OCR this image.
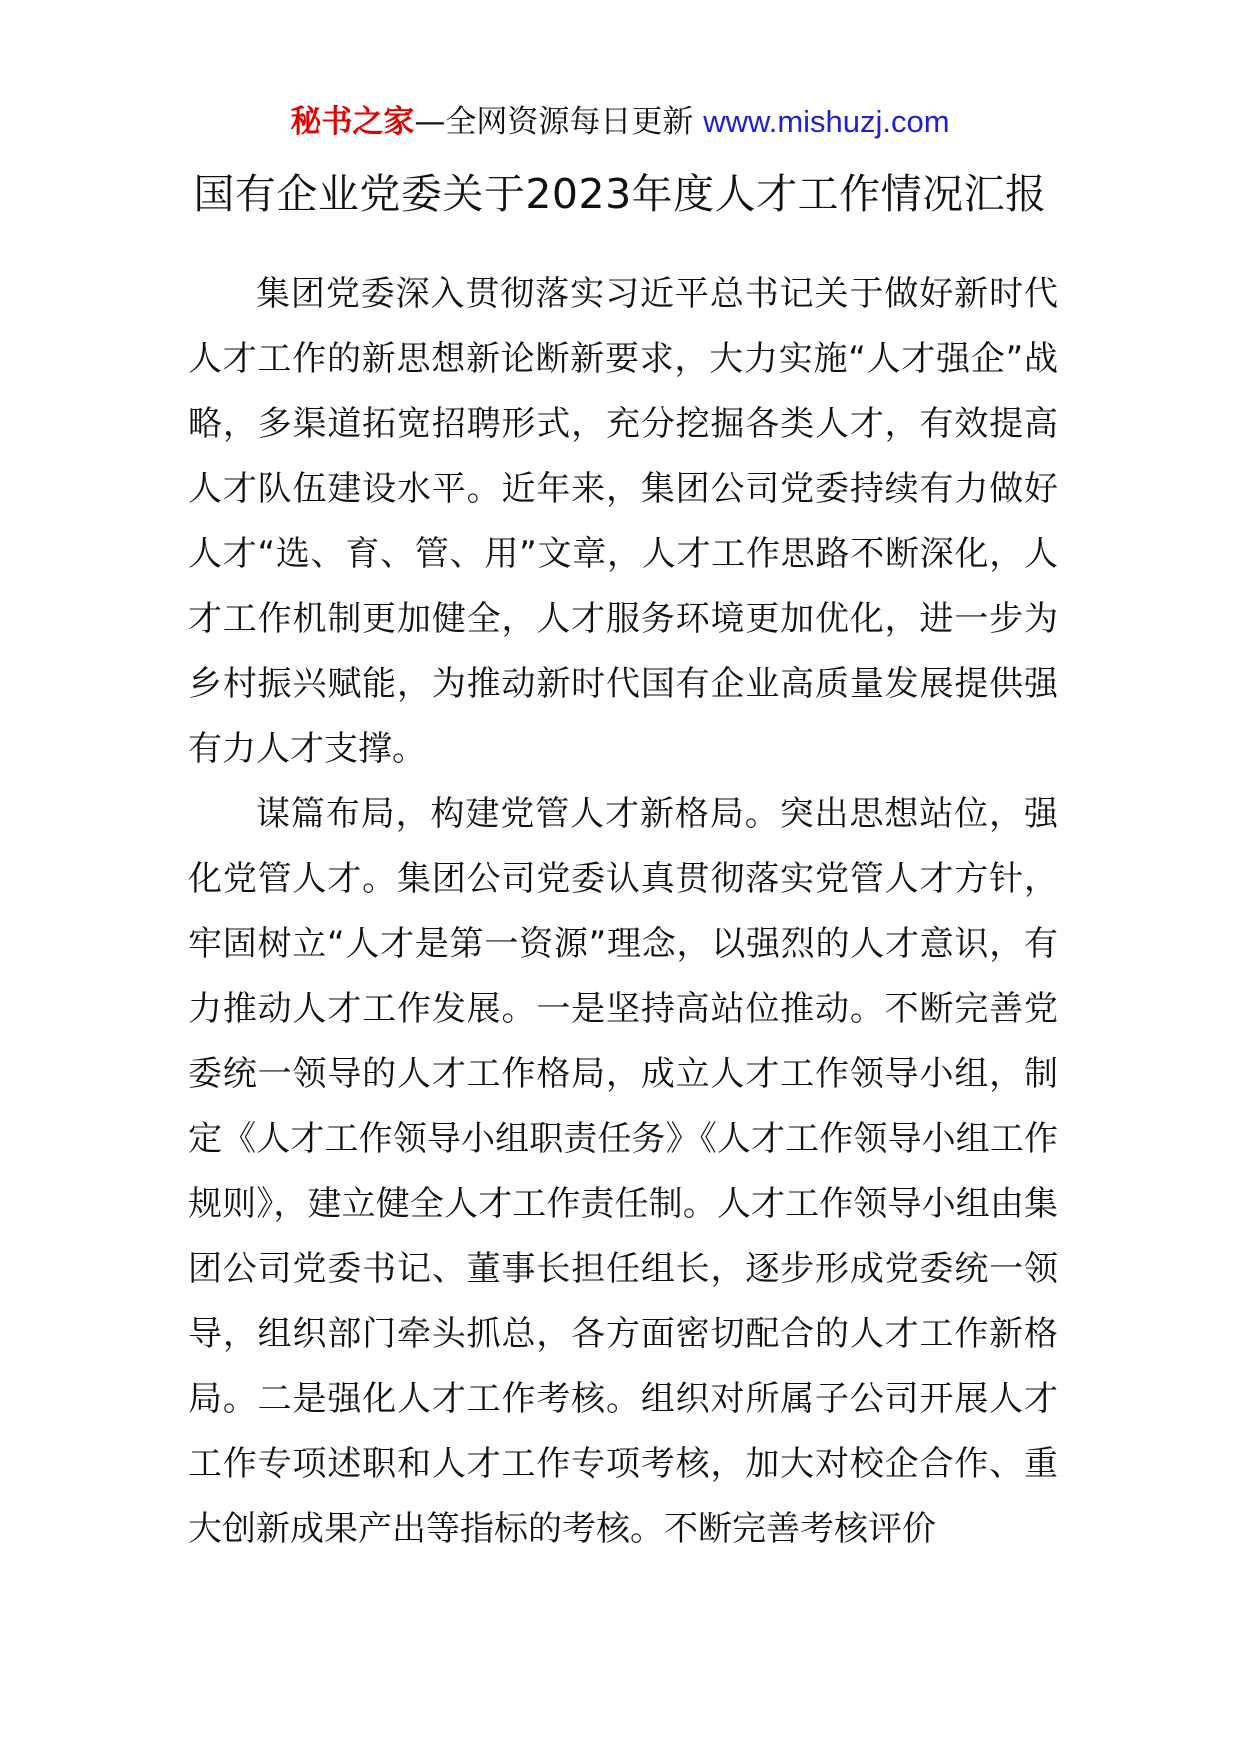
秘书之家—全网资源每日更新 www.mishuzj.com
国有企业党委关于2023年度人才工作情况汇报

集团党委深入贯彻落实习近平总书记关于做好新时代人才工作的新思想新论断新要求，大力实施“人才强企”战略，多渠道拓宽招聘形式，充分挖掘各类人才，有效提高人才队伍建设水平。近年来，集团公司党委持续有力做好人才“选、育、管、用”文章，人才工作思路不断深化，人才工作机制更加健全，人才服务环境更加优化，进一步为乡村振兴赋能，为推动新时代国有企业高质量发展提供强有力人才支撑。

谋篇布局，构建党管人才新格局。突出思想站位，强化党管人才。集团公司党委认真贯彻落实党管人才方针，牢固树立“人才是第一资源”理念，以强烈的人才意识，有力推动人才工作发展。一是坚持高站位推动。不断完善党委统一领导的人才工作格局，成立人才工作领导小组，制定《人才工作领导小组职责任务》《人才工作领导小组工作规则》，建立健全人才工作责任制。人才工作领导小组由集团公司党委书记、董事长担任组长，逐步形成党委统一领导，组织部门牵头抓总，各方面密切配合的人才工作新格局。二是强化人才工作考核。组织对所属子公司开展人才工作专项述职和人才工作专项考核，加大对校企合作、重大创新成果产出等指标的考核。不断完善考核评价
